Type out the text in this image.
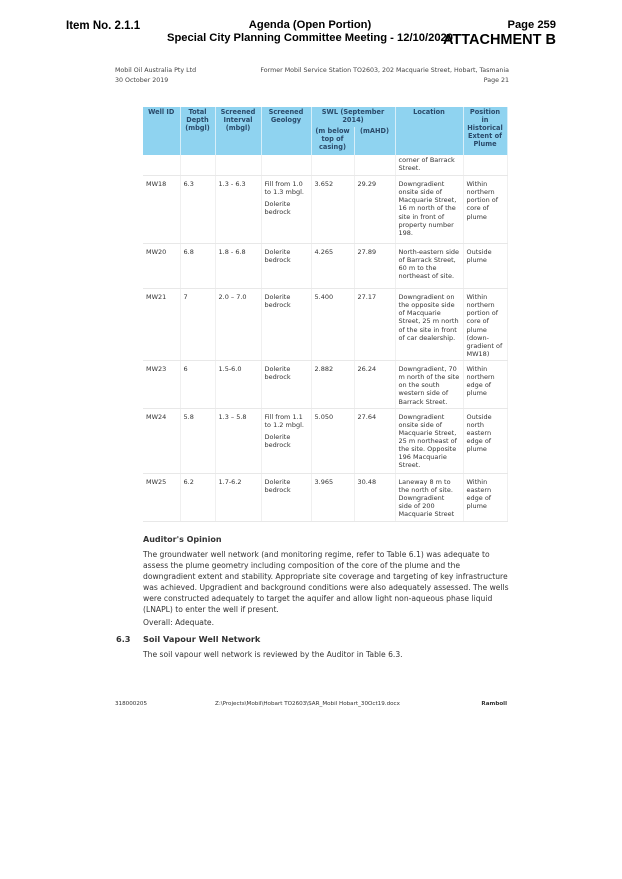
Item No. 2.1.1	Agenda (Open Portion)
Special City Planning Committee Meeting - 12/10/2020
Page 259
ATTACHMENT B
Mobil Oil Australia Pty Ltd
30 October 2019
Former Mobil Service Station TO2603, 202 Macquarie Street, Hobart, Tasmania
Page 21
Well ID	Total Depth (mbgl)	Screened Interval (mbgl)	Screened Geology	SWL (September 2014)		Location	Position in Historical Extent of Plume
				(m below top of casing)	(mAHD)		
						corner of Barrack Street.	
MW18	6.3	1.3 - 6.3	Fill from 1.0 to 1.3 mbgl.
Dolerite bedrock	3.652	29.29	Downgradient onsite side of Macquarie Street, 16 m north of the site in front of property number 198.	Within northern portion of core of plume
MW20	6.8	1.8 - 6.8	Dolerite bedrock	4.265	27.89	North-eastern side of Barrack Street, 60 m to the northeast of site.	Outside plume
MW21	7	2.0 – 7.0	Dolerite bedrock	5.400	27.17	Downgradient on the opposite side of Macquarie Street, 25 m north of the site in front of car dealership.	Within northern portion of core of plume (down-gradient of MW18)
MW23	6	1.5-6.0	Dolerite bedrock	2.882	26.24	Downgradient, 70 m north of the site on the south western side of Barrack Street.	Within northern edge of plume
MW24	5.8	1.3 – 5.8	Fill from 1.1 to 1.2 mbgl.
Dolerite bedrock	5.050	27.64	Downgradient onsite side of Macquarie Street, 25 m northeast of the site. Opposite 196 Macquarie Street.	Outside north eastern edge of plume
MW25	6.2	1.7-6.2	Dolerite bedrock	3.965	30.48	Laneway 8 m to the north of site. Downgradient side of 200 Macquarie Street	Within eastern edge of plume
Auditor's Opinion
The groundwater well network (and monitoring regime, refer to Table 6.1) was adequate to assess the plume geometry including composition of the core of the plume and the downgradient extent and stability. Appropriate site coverage and targeting of key infrastructure was achieved. Upgradient and background conditions were also adequately assessed. The wells were constructed adequately to target the aquifer and allow light non-aqueous phase liquid (LNAPL) to enter the well if present.
Overall: Adequate.
6.3 Soil Vapour Well Network
The soil vapour well network is reviewed by the Auditor in Table 6.3.
318000205	Z:\Projects\Mobil\Hobart TO2603\SAR_Mobil Hobart_30Oct19.docx	Ramboll
